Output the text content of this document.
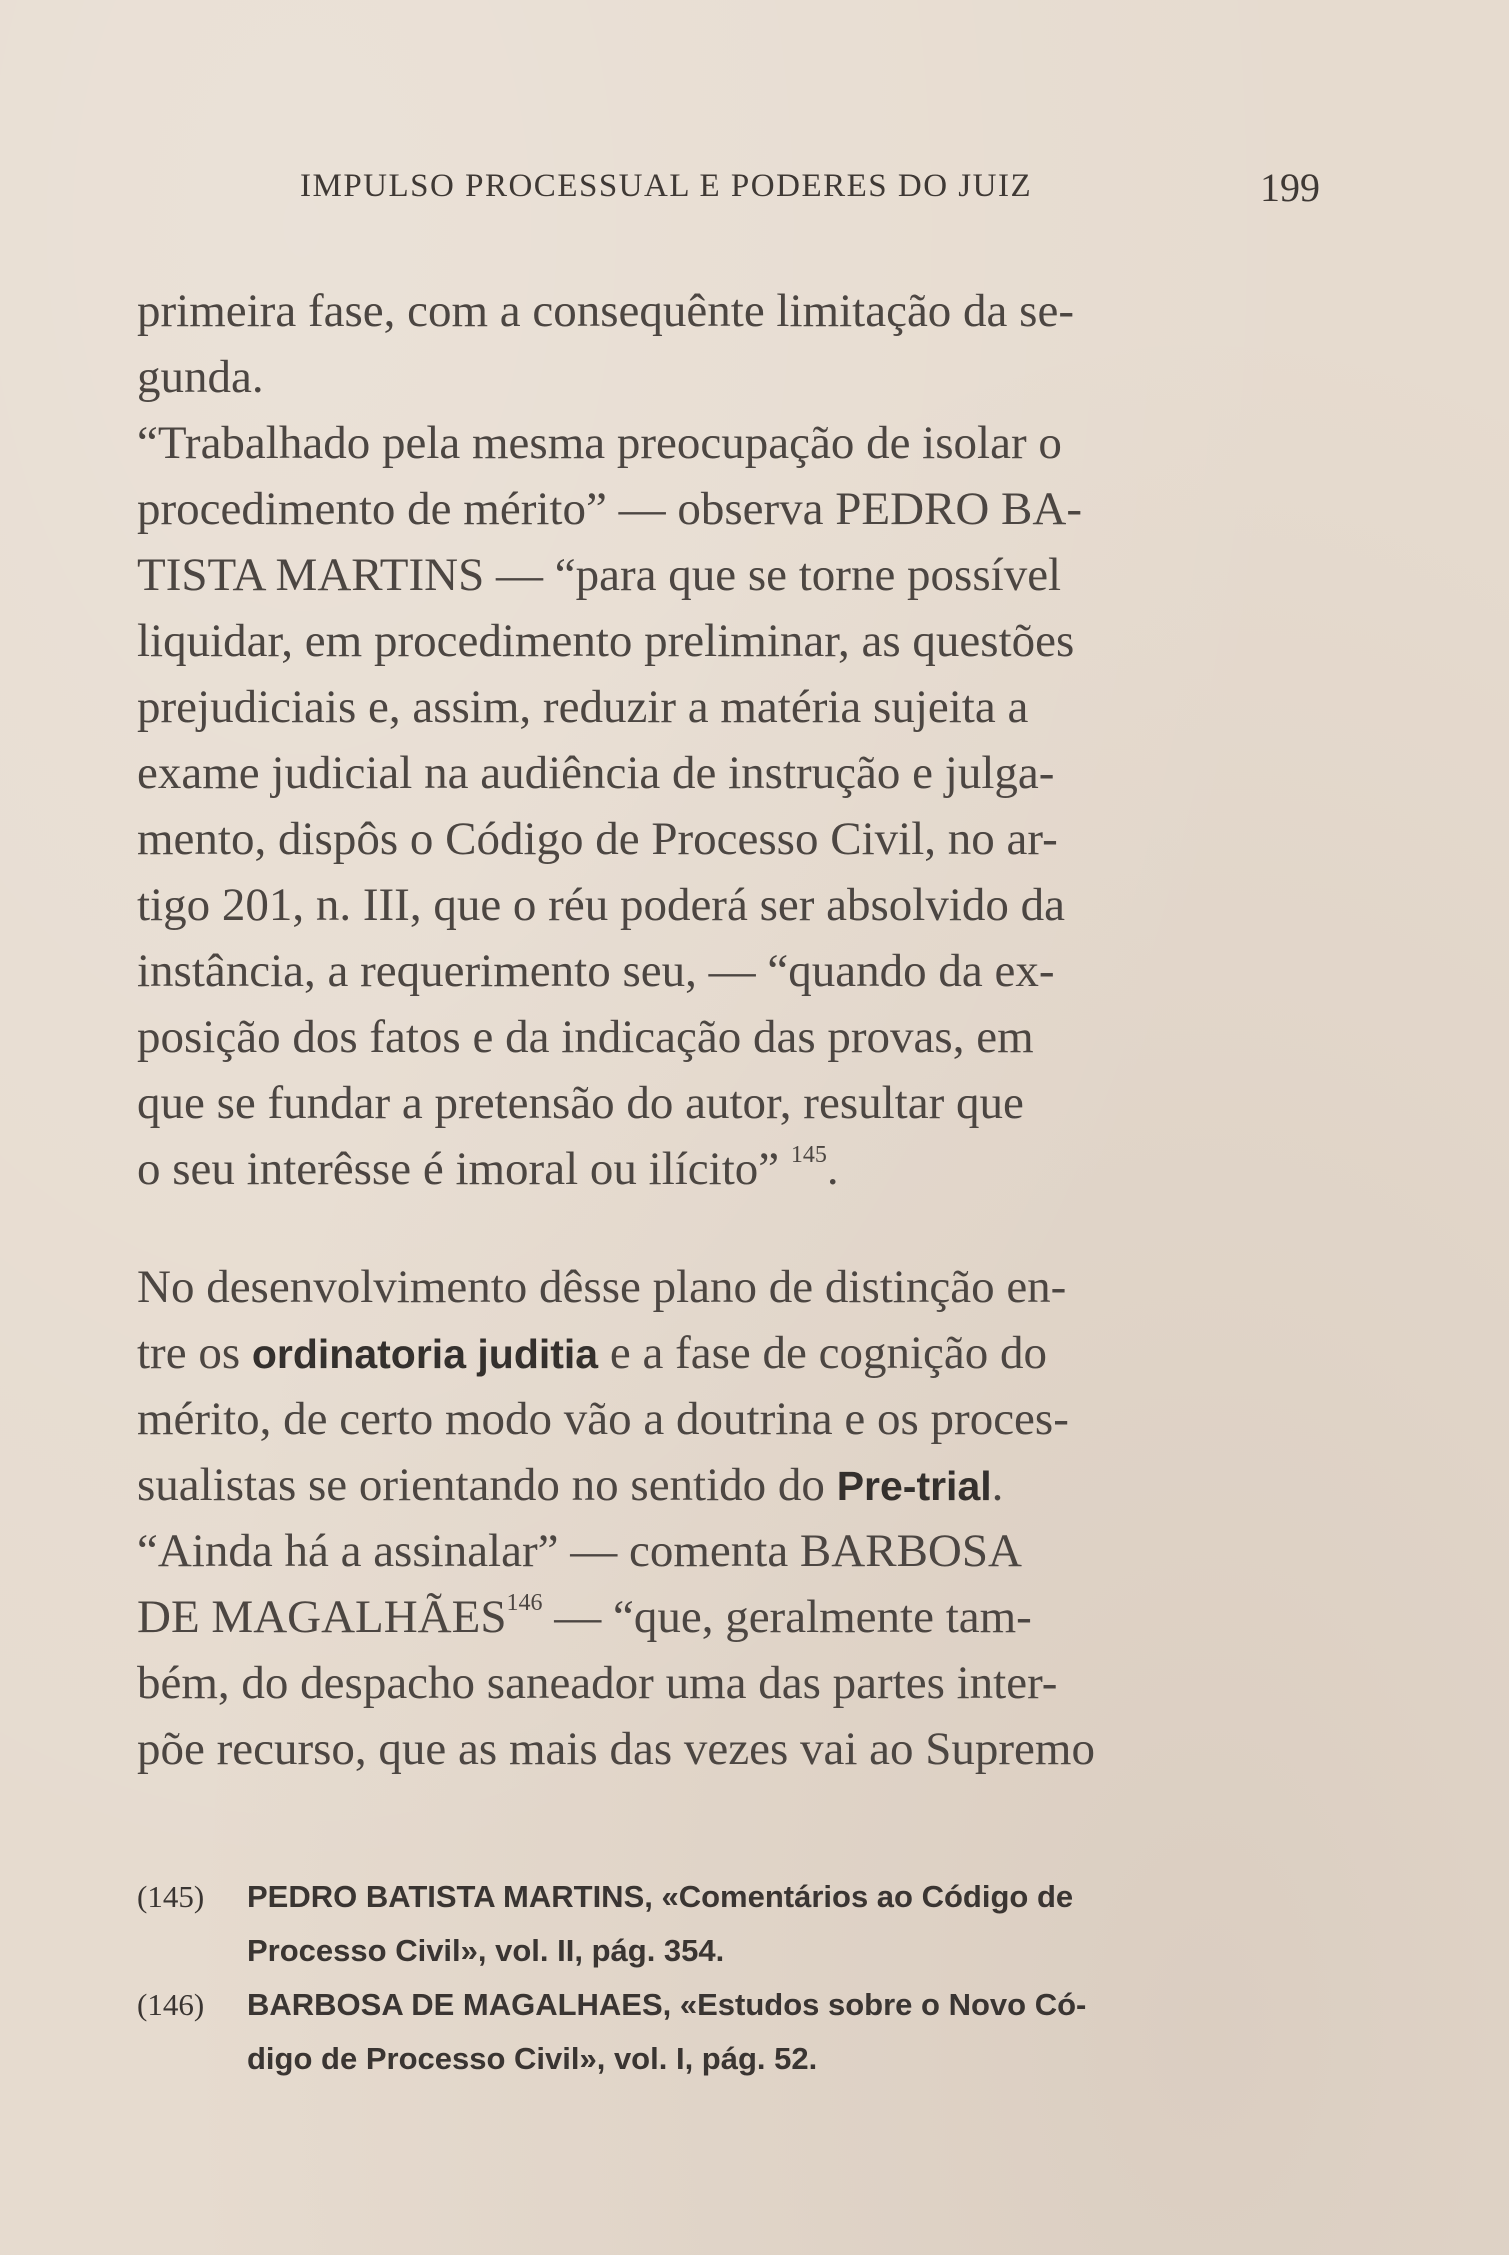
IMPULSO PROCESSUAL E PODERES DO JUIZ	199
primeira fase, com a consequênte limitação da se-
gunda.
“Trabalhado pela mesma preocupação de isolar o
procedimento de mérito” — observa PEDRO BA-
TISTA MARTINS — “para que se torne possível
liquidar, em procedimento preliminar, as questões
prejudiciais e, assim, reduzir a matéria sujeita a
exame judicial na audiência de instrução e julga-
mento, dispôs o Código de Processo Civil, no ar-
tigo 201, n. III, que o réu poderá ser absolvido da
instância, a requerimento seu, — “quando da ex-
posição dos fatos e da indicação das provas, em
que se fundar a pretensão do autor, resultar que
o seu interêsse é imoral ou ilícito” $^{145}$.
No desenvolvimento dêsse plano de distinção en-
tre os ordinatoria juditia e a fase de cognição do
mérito, de certo modo vão a doutrina e os proces-
sualistas se orientando no sentido do Pre-trial.
“Ainda há a assinalar” — comenta BARBOSA
DE MAGALHÃES$^{146}$ — “que, geralmente tam-
bém, do despacho saneador uma das partes inter-
põe recurso, que as mais das vezes vai ao Supremo
(145) PEDRO BATISTA MARTINS, «Comentários ao Código de
Processo Civil», vol. II, pág. 354.
(146) BARBOSA DE MAGALHAES, «Estudos sobre o Novo Có-
digo de Processo Civil», vol. I, pág. 52.
